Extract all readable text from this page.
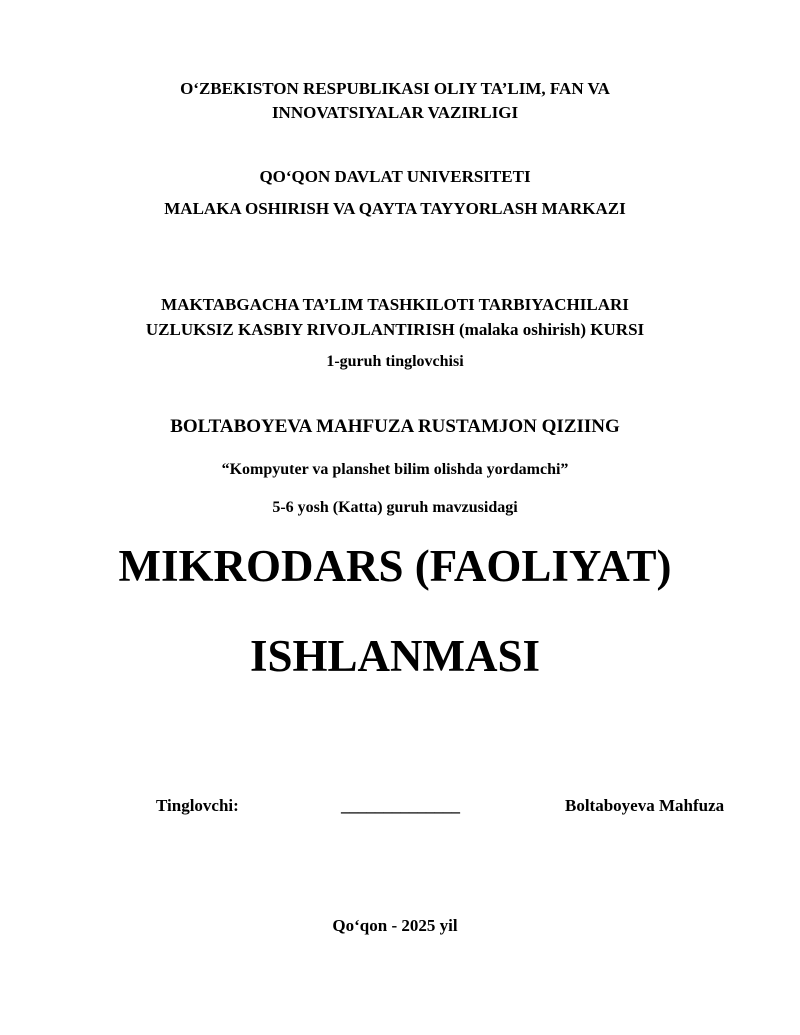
O‘ZBEKISTON RESPUBLIKASI OLIY TA’LIM, FAN VA

INNOVATSIYALAR VAZIRLIGI

QO‘QON DAVLAT UNIVERSITETI

MALAKA OSHIRISH VA QAYTA TAYYORLASH MARKAZI

MAKTABGACHA TA’LIM TASHKILOTI TARBIYACHILARI

UZLUKSIZ KASBIY RIVOJLANTIRISH (malaka oshirish) KURSI

1-guruh tinglovchisi

BOLTABOYEVA MAHFUZA RUSTAMJON QIZIING

“Kompyuter va planshet bilim olishda yordamchi”

5-6 yosh (Katta) guruh mavzusidagi

MIKRODARS (FAOLIYAT)

ISHLANMASI

Tinglovchi:	______________	Boltaboyeva Mahfuza

Qo‘qon - 2025 yil
